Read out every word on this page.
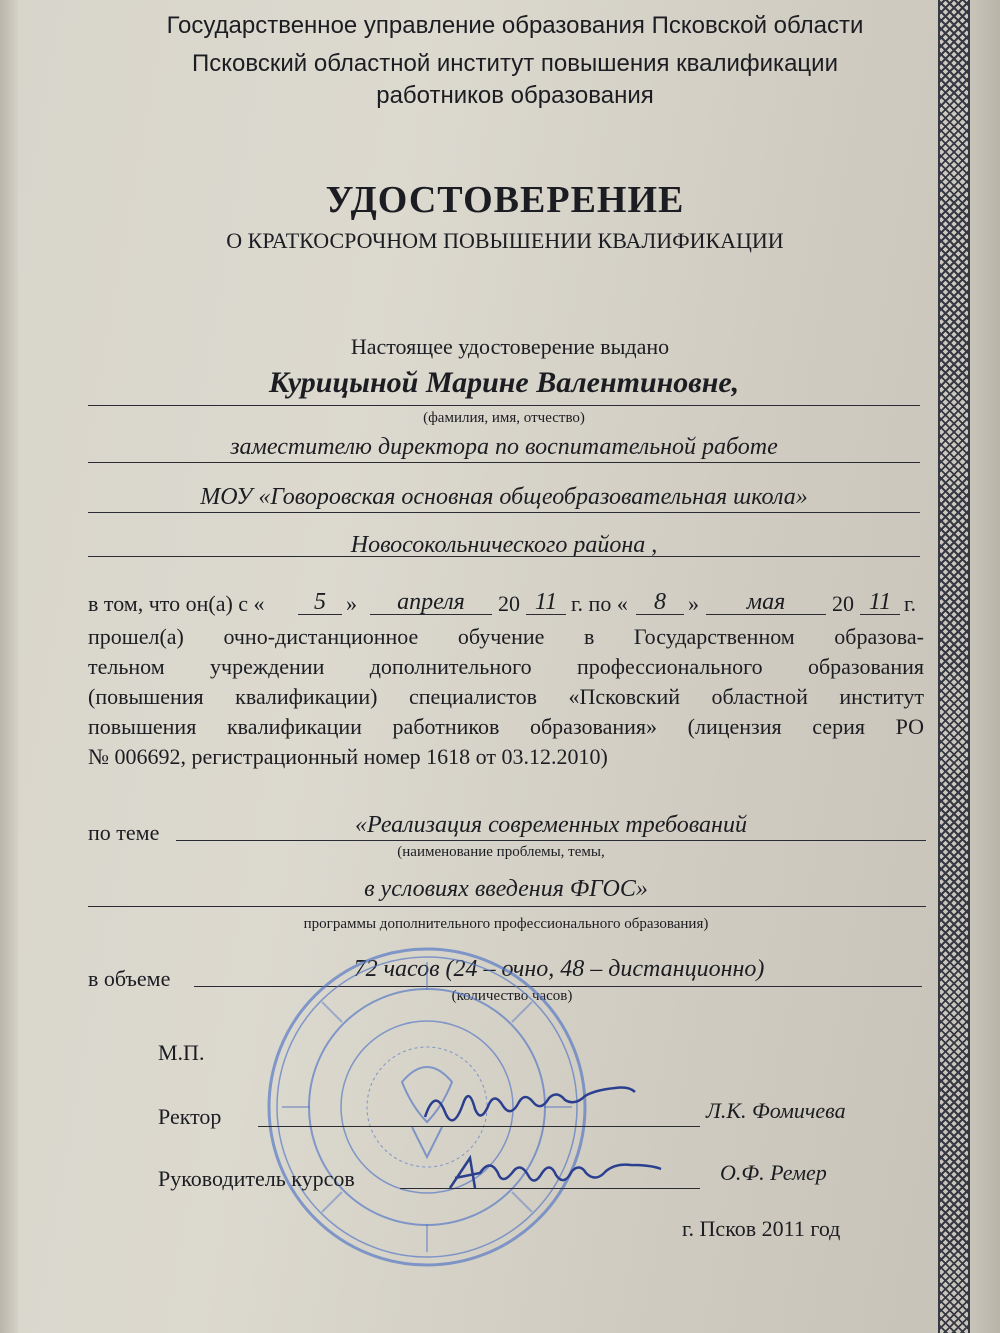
Государственное управление образования Псковской области
Псковский областной институт повышения квалификации
работников образования
УДОСТОВЕРЕНИЕ
О КРАТКОСРОЧНОМ ПОВЫШЕНИИ КВАЛИФИКАЦИИ
Настоящее удостоверение выдано
Курицыной Марине Валентиновне,
(фамилия, имя, отчество)
заместителю директора по воспитательной работе
МОУ «Говоровская основная общеобразовательная школа»
Новосокольнического района ,
в том, что он(а) с «	5 »	апреля	20 11 г. по «	8	»	мая	20 11 г.
прошел(а) очно-дистанционное обучение в Государственном образова-
тельном учреждении дополнительного профессионального образования
(повышения квалификации) специалистов «Псковский областной институт
повышения квалификации работников образования» (лицензия серия РО
№ 006692, регистрационный номер 1618 от 03.12.2010)
по теме	«Реализация современных требований
(наименование проблемы, темы,
в условиях введения ФГОС»
программы дополнительного профессионального образования)
в объеме	72 часов (24 – очно, 48 – дистанционно)
(количество часов)
М.П.
Ректор	Л.К. Фомичева
Руководитель курсов	О.Ф. Ремер
г. Псков 2011 год
